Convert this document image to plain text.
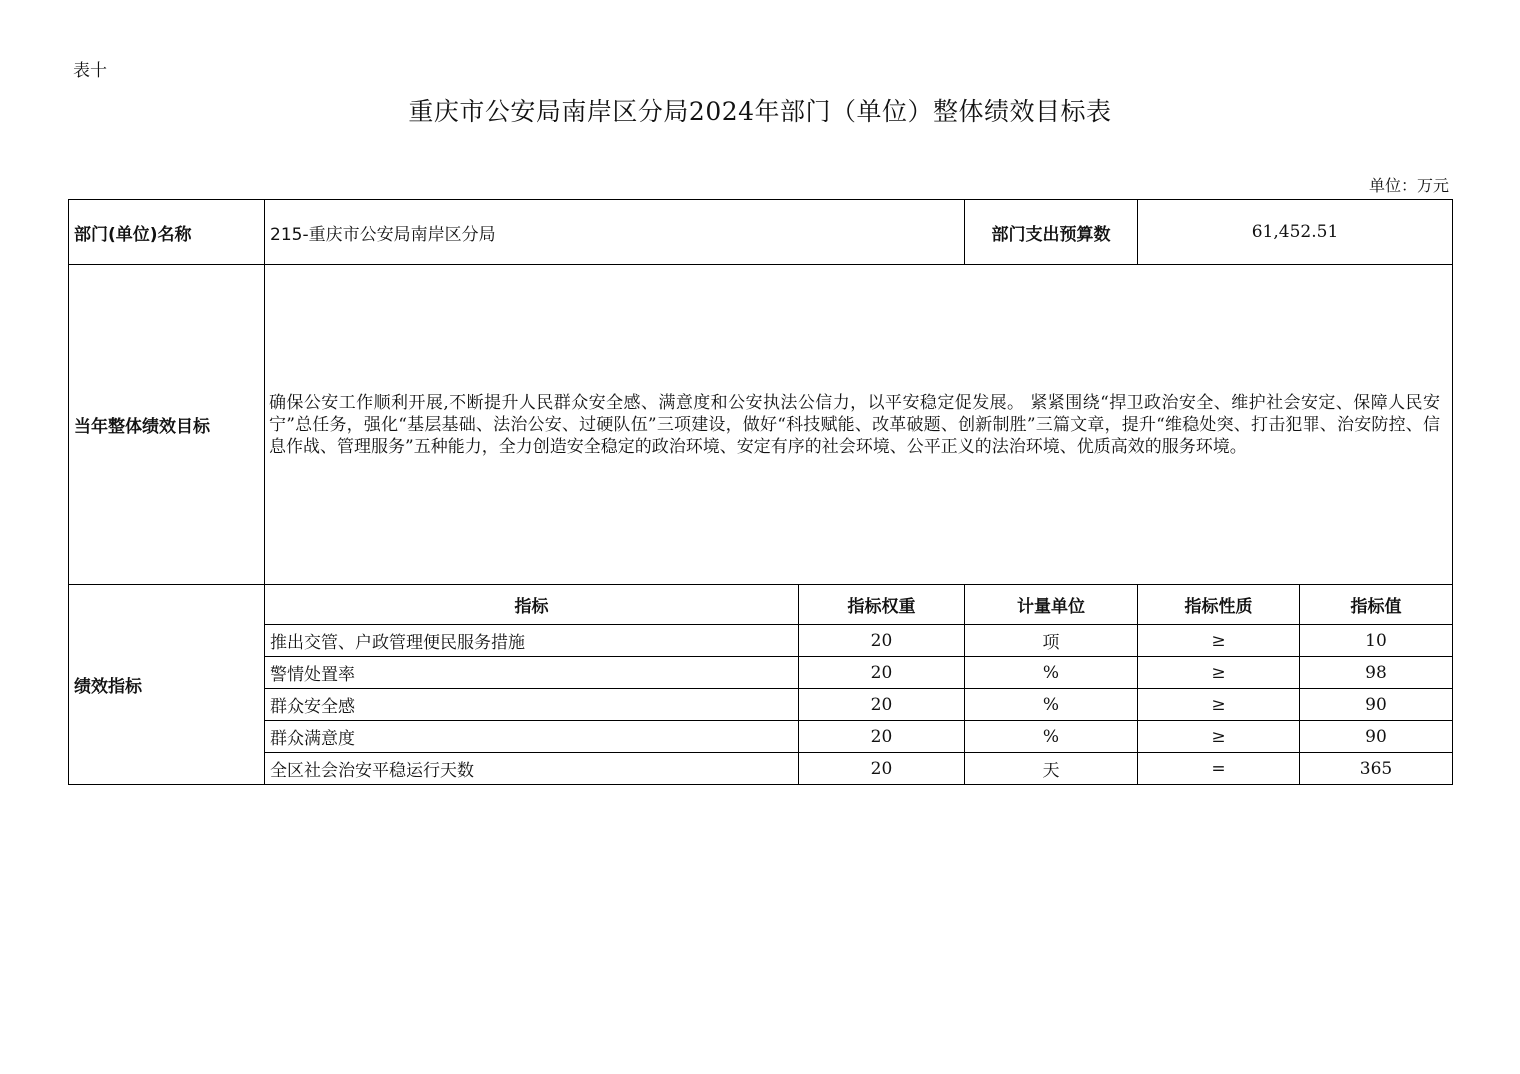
表十
重庆市公安局南岸区分局2024年部门（单位）整体绩效目标表
单位：万元
部门(单位)名称	215-重庆市公安局南岸区分局		部门支出预算数	61,452.51	
当年整体绩效目标	确保公安工作顺利开展,不断提升人民群众安全感、满意度和公安执法公信力，以平安稳定促发展。 紧紧围绕“捍卫政治安全、维护社会安定、保障人民安宁”总任务，强化“基层基础、法治公安、过硬队伍”三项建设，做好“科技赋能、改革破题、创新制胜”三篇文章，提升“维稳处突、打击犯罪、治安防控、信息作战、管理服务”五种能力，全力创造安全稳定的政治环境、安定有序的社会环境、公平正义的法治环境、优质高效的服务环境。				
绩效指标	指标	指标权重	计量单位	指标性质	指标值
	推出交管、户政管理便民服务措施	20	项	≥	10
	警情处置率	20	%	≥	98
	群众安全感	20	%	≥	90
	群众满意度	20	%	≥	90
	全区社会治安平稳运行天数	20	天	=	365
